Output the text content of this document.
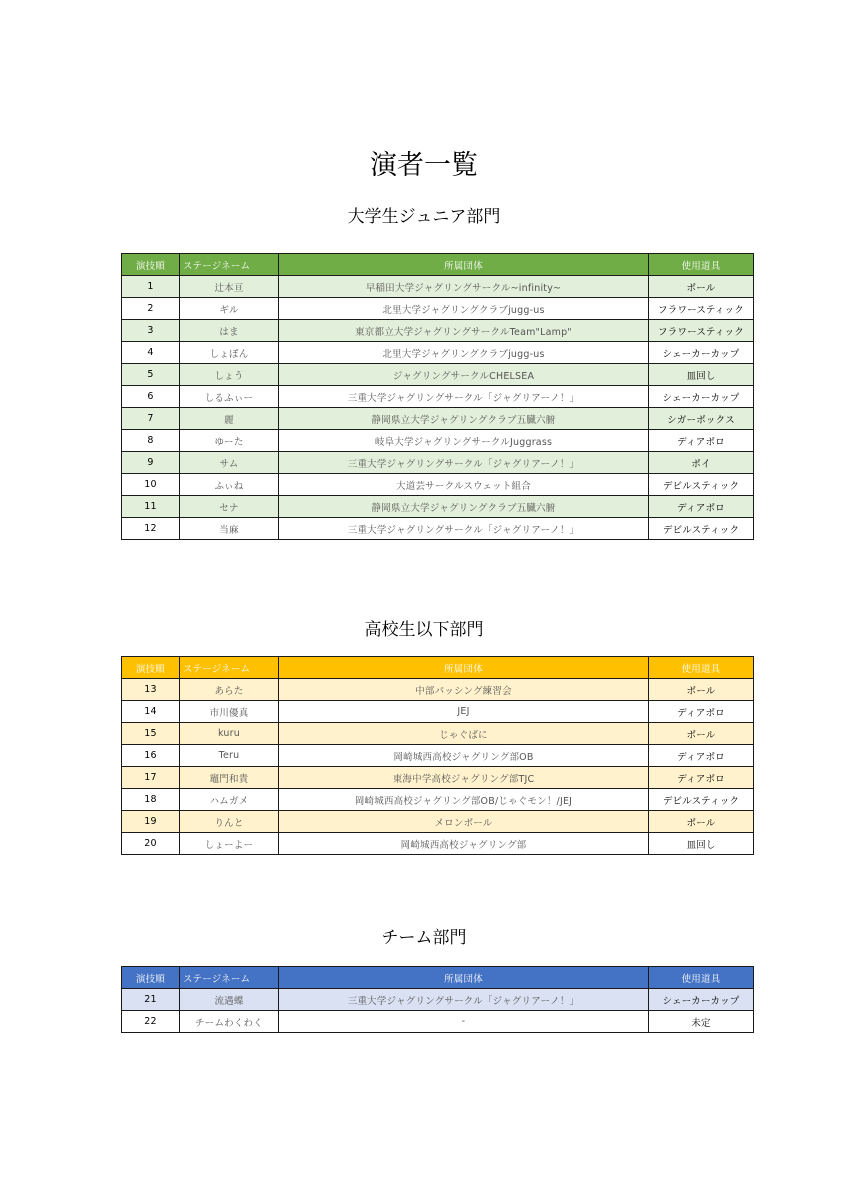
演者一覧
大学生ジュニア部門
演技順	ステージネーム	所属団体	使用道具
1	辻本亘	早稲田大学ジャグリングサークル~infinity~	ボール
2	ギル	北里大学ジャグリングクラブjugg-us	フラワースティック
3	はま	東京都立大学ジャグリングサークルTeam"Lamp"	フラワースティック
4	しょぼん	北里大学ジャグリングクラブjugg-us	シェーカーカップ
5	しょう	ジャグリングサークルCHELSEA	皿回し
6	しるふぃー	三重大学ジャグリングサークル「ジャグリアーノ！」	シェーカーカップ
7	麗	静岡県立大学ジャグリングクラブ五臓六腑	シガーボックス
8	ゆーた	岐阜大学ジャグリングサークルJuggrass	ディアボロ
9	サム	三重大学ジャグリングサークル「ジャグリアーノ！」	ポイ
10	ふぃね	大道芸サークルスウェット組合	デビルスティック
11	セナ	静岡県立大学ジャグリングクラブ五臓六腑	ディアボロ
12	当麻	三重大学ジャグリングサークル「ジャグリアーノ！」	デビルスティック
高校生以下部門
演技順	ステージネーム	所属団体	使用道具
13	あらた	中部パッシング練習会	ボール
14	市川優真	JEJ	ディアボロ
15	kuru	じゃぐばに	ボール
16	Teru	岡崎城西高校ジャグリング部OB	ディアボロ
17	竈門和貴	東海中学高校ジャグリング部TJC	ディアボロ
18	ハムガメ	岡崎城西高校ジャグリング部OB/じゃぐモン！/JEJ	デビルスティック
19	りんと	メロンボール	ボール
20	しょーよー	岡崎城西高校ジャグリング部	皿回し
チーム部門
演技順	ステージネーム	所属団体	使用道具
21	流遇蝶	三重大学ジャグリングサークル「ジャグリアーノ！」	シェーカーカップ
22	チームわくわく	-	未定
